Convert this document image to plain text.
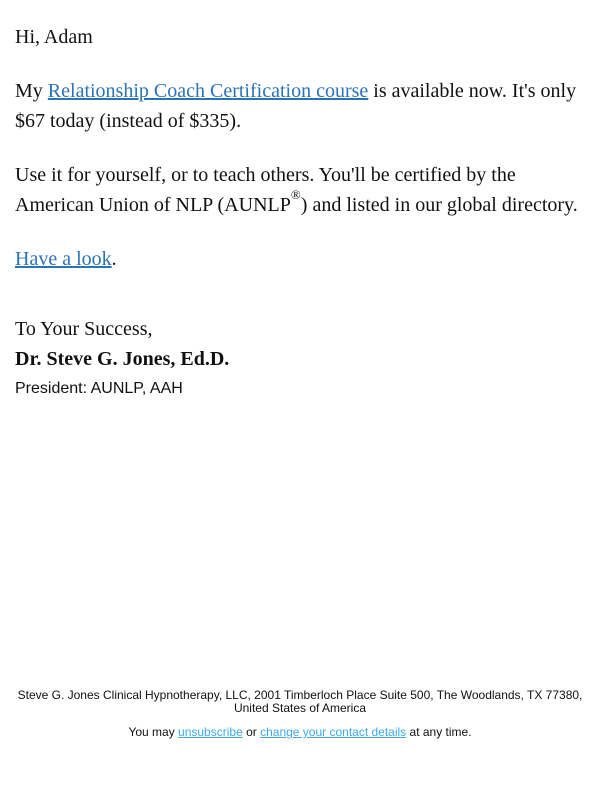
Hi, Adam
My Relationship Coach Certification course is available now. It's only $67 today (instead of $335).
Use it for yourself, or to teach others. You'll be certified by the American Union of NLP (AUNLP®) and listed in our global directory.
Have a look.
To Your Success,
Dr. Steve G. Jones, Ed.D.
President: AUNLP, AAH
Steve G. Jones Clinical Hypnotherapy, LLC, 2001 Timberloch Place Suite 500, The Woodlands, TX 77380, United States of America
You may unsubscribe or change your contact details at any time.
